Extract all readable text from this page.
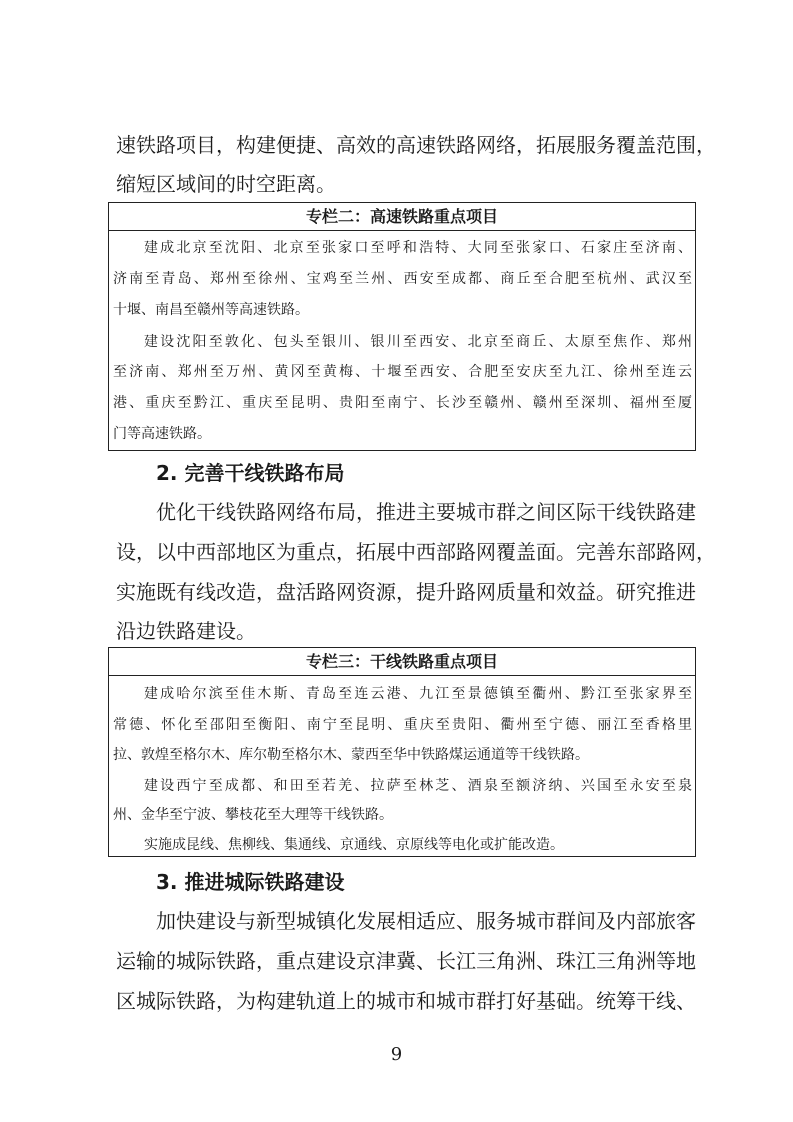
速铁路项目，构建便捷、高效的高速铁路网络，拓展服务覆盖范围，
缩短区域间的时空距离。
专栏二：高速铁路重点项目
建成北京至沈阳、北京至张家口至呼和浩特、大同至张家口、石家庄至济南、
济南至青岛、郑州至徐州、宝鸡至兰州、西安至成都、商丘至合肥至杭州、武汉至
十堰、南昌至赣州等高速铁路。
建设沈阳至敦化、包头至银川、银川至西安、北京至商丘、太原至焦作、郑州
至济南、郑州至万州、黄冈至黄梅、十堰至西安、合肥至安庆至九江、徐州至连云
港、重庆至黔江、重庆至昆明、贵阳至南宁、长沙至赣州、赣州至深圳、福州至厦
门等高速铁路。
2. 完善干线铁路布局
优化干线铁路网络布局，推进主要城市群之间区际干线铁路建
设，以中西部地区为重点，拓展中西部路网覆盖面。完善东部路网，
实施既有线改造，盘活路网资源，提升路网质量和效益。研究推进
沿边铁路建设。
专栏三：干线铁路重点项目
建成哈尔滨至佳木斯、青岛至连云港、九江至景德镇至衢州、黔江至张家界至
常德、怀化至邵阳至衡阳、南宁至昆明、重庆至贵阳、衢州至宁德、丽江至香格里
拉、敦煌至格尔木、库尔勒至格尔木、蒙西至华中铁路煤运通道等干线铁路。
建设西宁至成都、和田至若羌、拉萨至林芝、酒泉至额济纳、兴国至永安至泉
州、金华至宁波、攀枝花至大理等干线铁路。
实施成昆线、焦柳线、集通线、京通线、京原线等电化或扩能改造。
3. 推进城际铁路建设
加快建设与新型城镇化发展相适应、服务城市群间及内部旅客
运输的城际铁路，重点建设京津冀、长江三角洲、珠江三角洲等地
区城际铁路，为构建轨道上的城市和城市群打好基础。统筹干线、
9
